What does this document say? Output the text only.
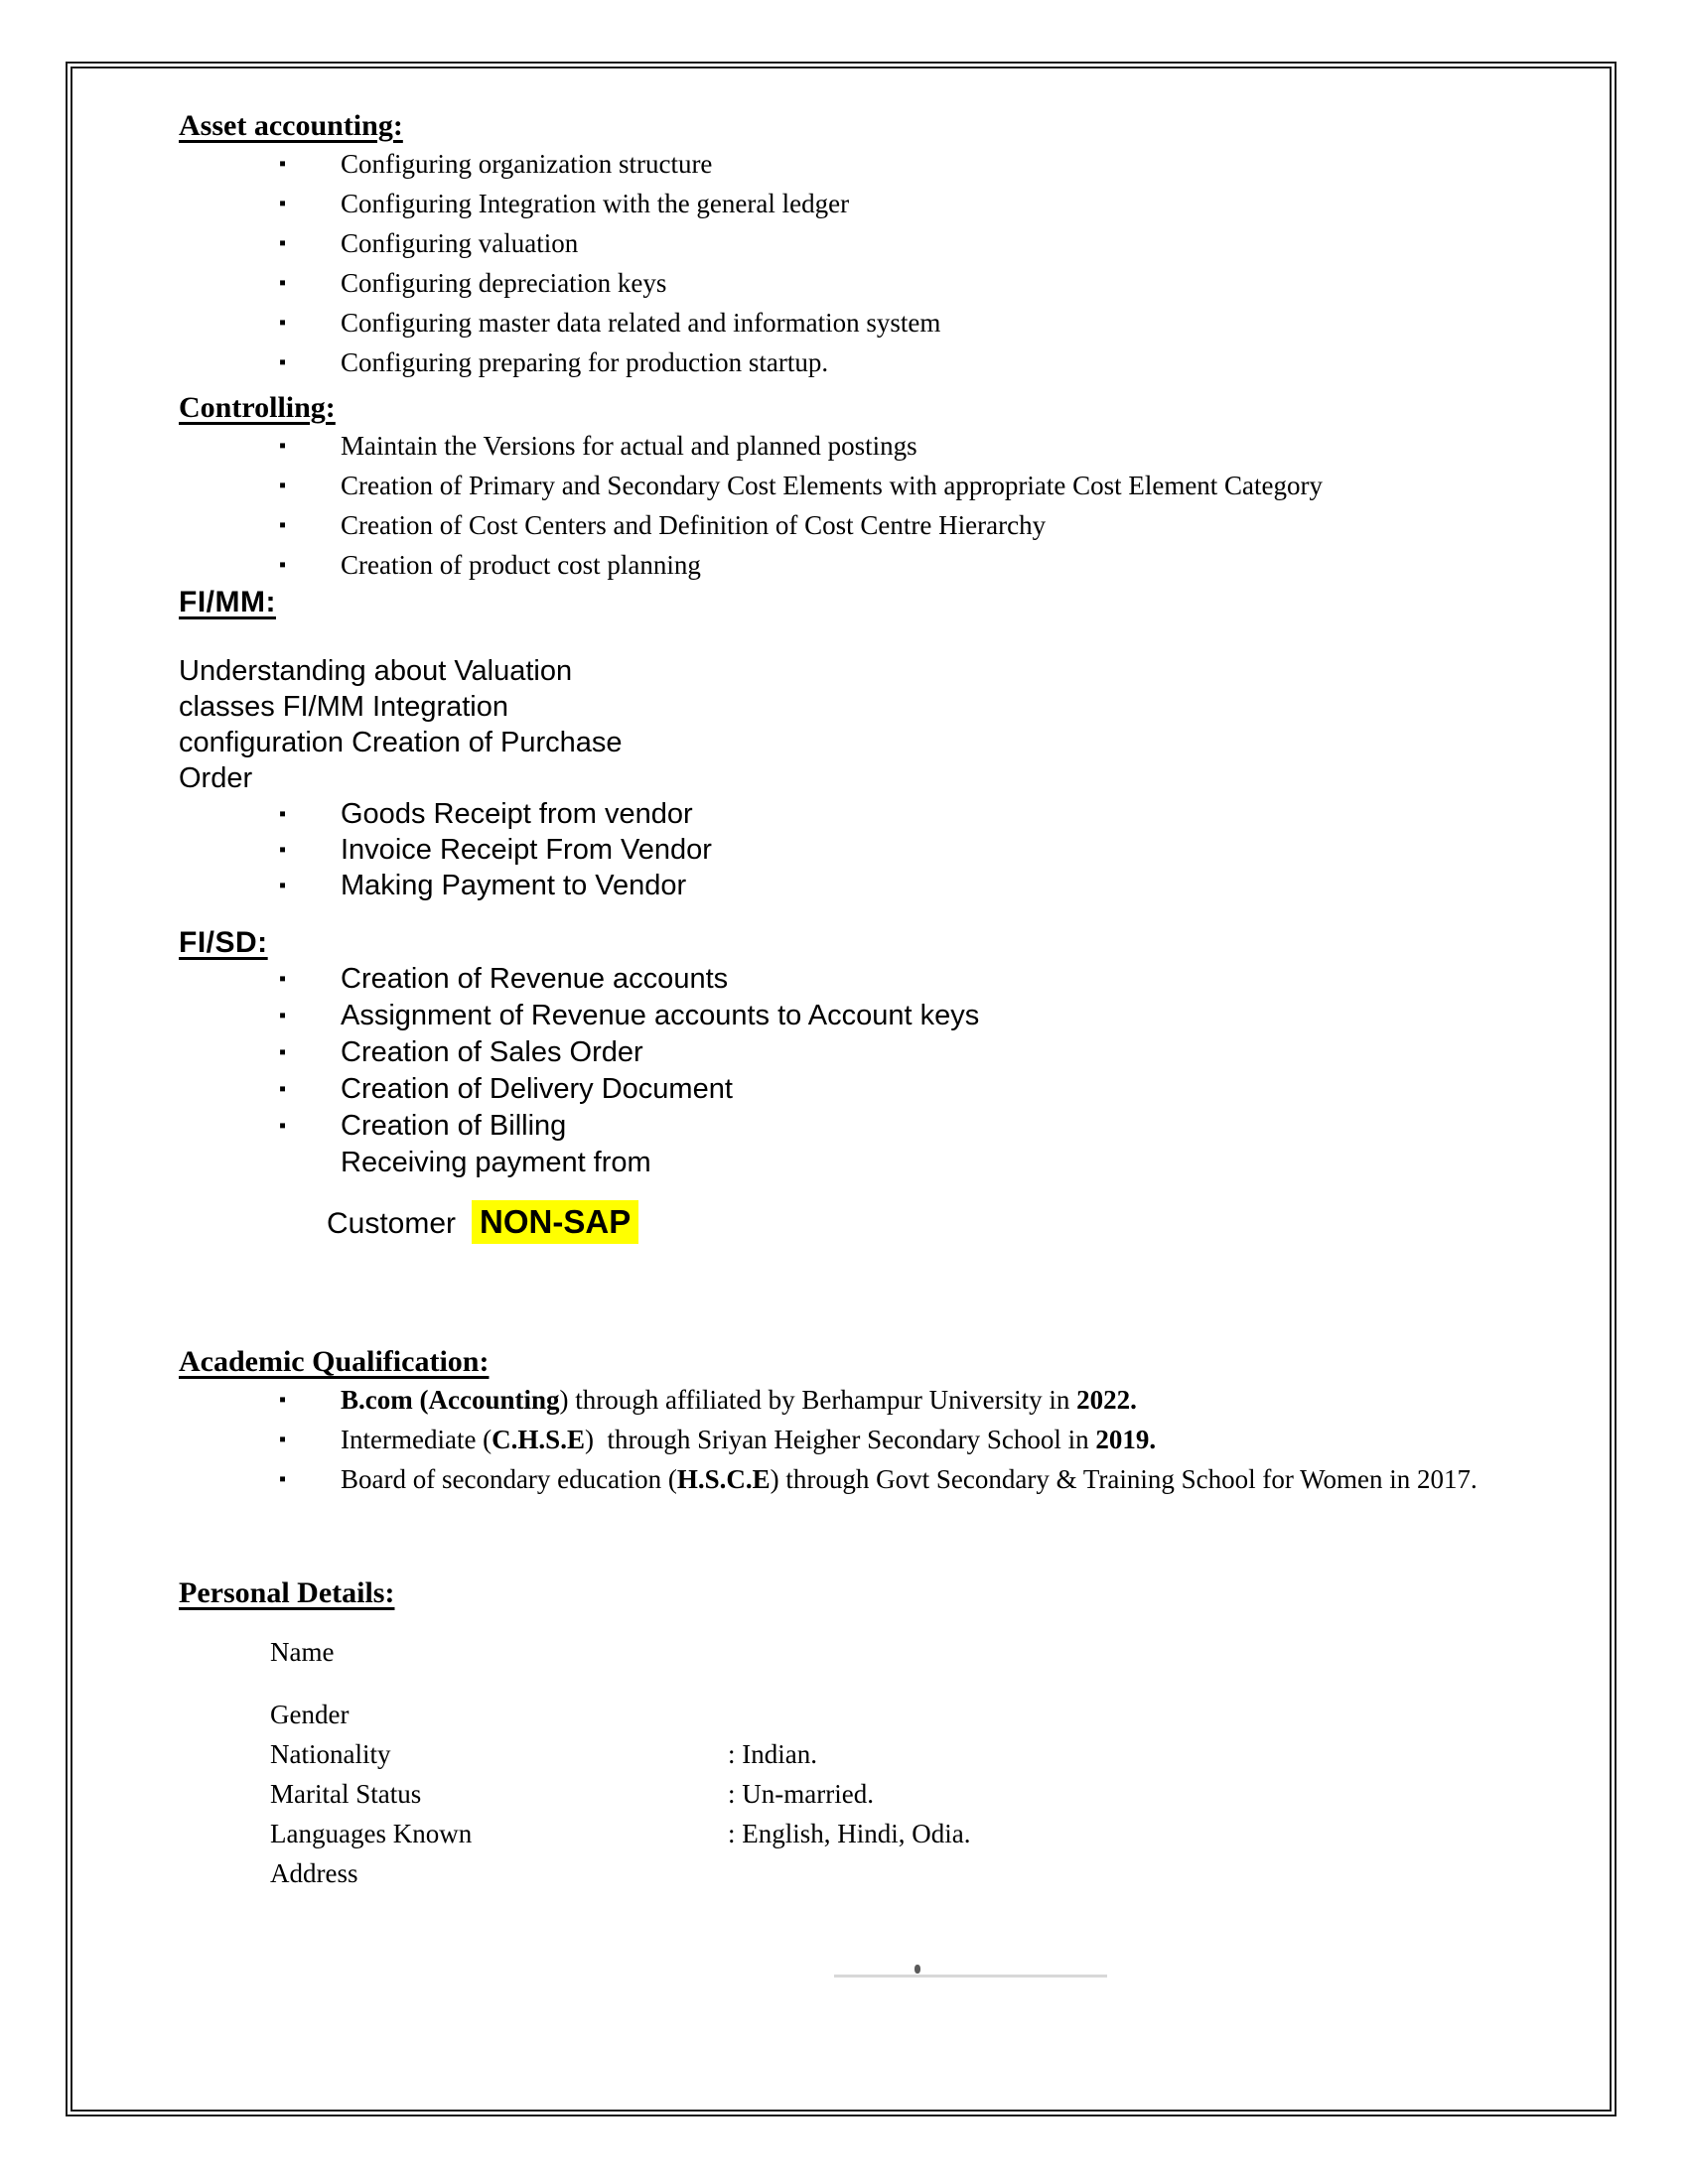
Asset accounting:
▪	Configuring organization structure
▪	Configuring Integration with the general ledger
▪	Configuring valuation
▪	Configuring depreciation keys
▪	Configuring master data related and information system
▪	Configuring preparing for production startup.
Controlling:
▪	Maintain the Versions for actual and planned postings
▪	Creation of Primary and Secondary Cost Elements with appropriate Cost Element Category
▪	Creation of Cost Centers and Definition of Cost Centre Hierarchy
▪	Creation of product cost planning
FI/MM:
Understanding about Valuation
classes FI/MM Integration
configuration Creation of Purchase
Order
▪	Goods Receipt from vendor
▪	Invoice Receipt From Vendor
▪	Making Payment to Vendor
FI/SD:
▪	Creation of Revenue accounts
▪	Assignment of Revenue accounts to Account keys
▪	Creation of Sales Order
▪	Creation of Delivery Document
▪	Creation of Billing
Receiving payment from
Customer NON-SAP
Academic Qualification:
▪	B.com (Accounting) through affiliated by Berhampur University in 2022.
▪	Intermediate (C.H.S.E)  through Sriyan Heigher Secondary School in 2019.
▪	Board of secondary education (H.S.C.E) through Govt Secondary & Training School for Women in 2017.
Personal Details:
Name
Gender
Nationality	: Indian.
Marital Status	: Un-married.
Languages Known	: English, Hindi, Odia.
Address
